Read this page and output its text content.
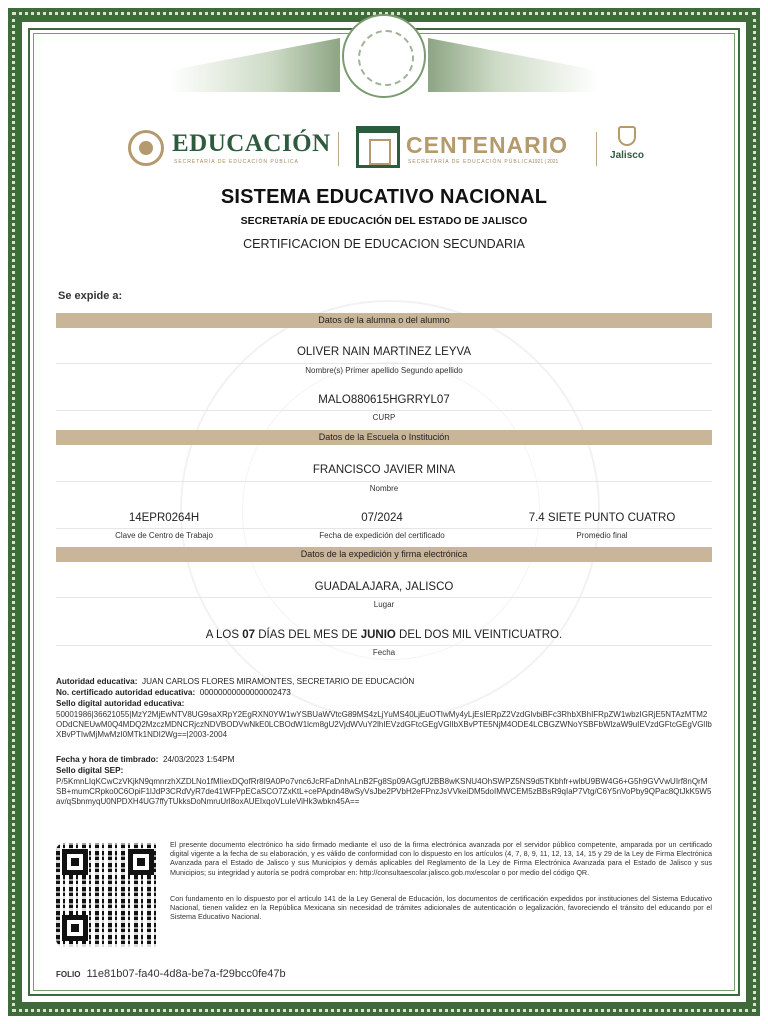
EDUCACIÓN
SECRETARÍA DE EDUCACIÓN PÚBLICA
CENTENARIO
SECRETARÍA DE EDUCACIÓN PÚBLICA 1921 | 2021
Jalisco
SISTEMA EDUCATIVO NACIONAL
SECRETARÍA DE EDUCACIÓN DEL ESTADO DE JALISCO
CERTIFICACION DE EDUCACION SECUNDARIA
Se expide a:
Datos de la alumna o del alumno
OLIVER NAIN MARTINEZ LEYVA
Nombre(s) Primer apellido Segundo apellido
MALO880615HGRRYL07
CURP
Datos de la Escuela o Institución
FRANCISCO JAVIER MINA
Nombre
14EPR0264H
Clave de Centro de Trabajo
07/2024
Fecha de expedición del certificado
7.4 SIETE PUNTO CUATRO
Promedio final
Datos de la expedición y firma electrónica
GUADALAJARA, JALISCO
Lugar
A LOS 07 DÍAS DEL MES DE JUNIO DEL DOS MIL VEINTICUATRO.
Fecha
Autoridad educativa: JUAN CARLOS FLORES MIRAMONTES, SECRETARIO DE EDUCACIÓN
No. certificado autoridad educativa: 00000000000000002473
Sello digital autoridad educativa:
50001986|36621055|MzY2MjEwNTV8UG9saXRpY2EgRXN0YW1wYSBUaWVtcG89MS4zLjYuMS40LjEuOTIwMy4yLjEsIERpZ2VzdGlvbiBFc3RhbXBhIFRpZW1wbzIGRjE5NTAzMTM2ODdCNEUwM0Q4MDQ2MzczMDNCRjczNDVBODVwNkE0LCBOdW1lcm8gU2VjdWVuY2lhIEVzdGFtcGEgVGlIbXBvPTE5NjM4ODE4LCBGZWNoYSBFbWlzaW9uIEVzdGFtcGEgVGlIbXBvPTIwMjMwMzI0MTk1NDI2Wg==|2003-2004
Fecha y hora de timbrado: 24/03/2023 1:54PM
Sello digital SEP:
P/5KmnLIqKCwCzVKjkN9qmnrzhXZDLNo1fMIiexDQofRr8I9A0Po7vnc6JcRFaDnhALnB2Fg8Sp09AGgfU2BB8wKSNU4OhSWPZ5NS9d5TKbhfr+wlbU9BW4G6+G5h9GVVwUIrf8nQrMSB+mumCRpko0C6OpiF1lJdP3CRdVyR7de41WFPpECaSCO7ZxKtL+cePApdn48wSyVsJbe2PVbH2eFPnzJsVVkeiDM5doIMWCEM5zBBsR9qIaP7Vtg/C6Y5nVoPby9QPac8QtJkK5W5av/qSbnmyqU0NPDXH4UG7ffyTUkksDoNmruUrl8oxAUEIxqoVLuIeViHk3wbkn45A==
El presente documento electrónico ha sido firmado mediante el uso de la firma electrónica avanzada por el servidor público competente, amparada por un certificado digital vigente a la fecha de su elaboración, y es válido de conformidad con lo dispuesto en los artículos (4, 7, 8, 9, 11, 12, 13, 14, 15 y 29 de la Ley de Firma Electrónica Avanzada para el Estado de Jalisco y sus Municipios y demás aplicables del Reglamento de la Ley de Firma Electrónica Avanzada para el Estado de Jalisco y sus Municipios; su integridad y autoría se podrá comprobar en: http://consultaescolar.jalisco.gob.mx/escolar o por medio del código QR.
Con fundamento en lo dispuesto por el artículo 141 de la Ley General de Educación, los documentos de certificación expedidos por instituciones del Sistema Educativo Nacional, tienen validez en la República Mexicana sin necesidad de trámites adicionales de autenticación o legalización, favoreciendo el tránsito del educando por el Sistema Educativo Nacional.
FOLIO 11e81b07-fa40-4d8a-be7a-f29bcc0fe47b
